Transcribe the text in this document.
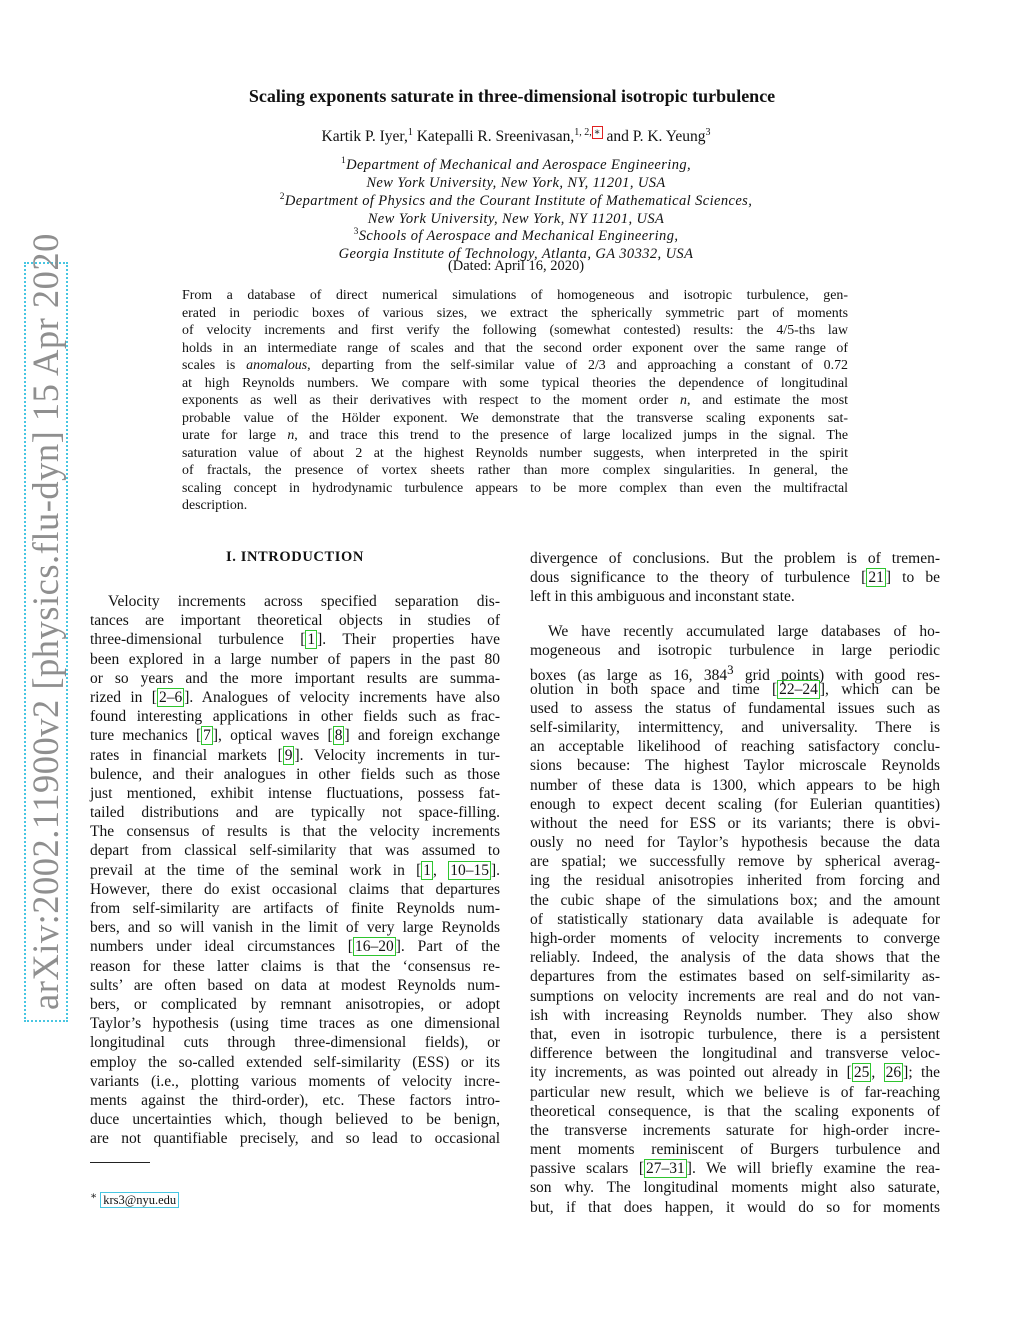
arXiv:2002.11900v2 [physics.flu-dyn] 15 Apr 2020
Scaling exponents saturate in three-dimensional isotropic turbulence
Kartik P. Iyer,$^1$ Katepalli R. Sreenivasan,$^{1, 2,}$ ∗ and P. K. Yeung$^3$
$^1$Department of Mechanical and Aerospace Engineering,
New York University, New York, NY, 11201, USA
$^2$Department of Physics and the Courant Institute of Mathematical Sciences,
New York University, New York, NY 11201, USA
$^3$Schools of Aerospace and Mechanical Engineering,
Georgia Institute of Technology, Atlanta, GA 30332, USA
(Dated: April 16, 2020)
From a database of direct numerical simulations of homogeneous and isotropic turbulence, gen-
erated in periodic boxes of various sizes, we extract the spherically symmetric part of moments
of velocity increments and first verify the following (somewhat contested) results: the 4/5-ths law
holds in an intermediate range of scales and that the second order exponent over the same range of
scales is anomalous, departing from the self-similar value of 2/3 and approaching a constant of 0.72
at high Reynolds numbers. We compare with some typical theories the dependence of longitudinal
exponents as well as their derivatives with respect to the moment order n, and estimate the most
probable value of the Hölder exponent. We demonstrate that the transverse scaling exponents sat-
urate for large n, and trace this trend to the presence of large localized jumps in the signal. The
saturation value of about 2 at the highest Reynolds number suggests, when interpreted in the spirit
of fractals, the presence of vortex sheets rather than more complex singularities. In general, the
scaling concept in hydrodynamic turbulence appears to be more complex than even the multifractal
description.
I. INTRODUCTION
Velocity increments across specified separation dis-
tances are important theoretical objects in studies of
three-dimensional turbulence [ 1 ]. Their properties have
been explored in a large number of papers in the past 80
or so years and the more important results are summa-
rized in [ 2–6 ]. Analogues of velocity increments have also
found interesting applications in other fields such as frac-
ture mechanics [ 7 ], optical waves [ 8 ] and foreign exchange
rates in financial markets [ 9 ]. Velocity increments in tur-
bulence, and their analogues in other fields such as those
just mentioned, exhibit intense fluctuations, possess fat-
tailed distributions and are typically not space-filling.
The consensus of results is that the velocity increments
depart from classical self-similarity that was assumed to
prevail at the time of the seminal work in [ 1 , 10–15 ].
However, there do exist occasional claims that departures
from self-similarity are artifacts of finite Reynolds num-
bers, and so will vanish in the limit of very large Reynolds
numbers under ideal circumstances [ 16–20 ]. Part of the
reason for these latter claims is that the ‘consensus re-
sults’ are often based on data at modest Reynolds num-
bers, or complicated by remnant anisotropies, or adopt
Taylor’s hypothesis (using time traces as one dimensional
longitudinal cuts through three-dimensional fields), or
employ the so-called extended self-similarity (ESS) or its
variants (i.e., plotting various moments of velocity incre-
ments against the third-order), etc. These factors intro-
duce uncertainties which, though believed to be benign,
are not quantifiable precisely, and so lead to occasional
divergence of conclusions. But the problem is of tremen-
dous significance to the theory of turbulence [ 21 ] to be
left in this ambiguous and inconstant state.
We have recently accumulated large databases of ho-
mogeneous and isotropic turbulence in large periodic
boxes (as large as 16, $384^3$ grid points) with good res-
olution in both space and time [ 22–24 ], which can be
used to assess the status of fundamental issues such as
self-similarity, intermittency, and universality. There is
an acceptable likelihood of reaching satisfactory conclu-
sions because: The highest Taylor microscale Reynolds
number of these data is 1300, which appears to be high
enough to expect decent scaling (for Eulerian quantities)
without the need for ESS or its variants; there is obvi-
ously no need for Taylor’s hypothesis because the data
are spatial; we successfully remove by spherical averag-
ing the residual anisotropies inherited from forcing and
the cubic shape of the simulations box; and the amount
of statistically stationary data available is adequate for
high-order moments of velocity increments to converge
reliably. Indeed, the analysis of the data shows that the
departures from the estimates based on self-similarity as-
sumptions on velocity increments are real and do not van-
ish with increasing Reynolds number. They also show
that, even in isotropic turbulence, there is a persistent
difference between the longitudinal and transverse veloc-
ity increments, as was pointed out already in [ 25 , 26 ]; the
particular new result, which we believe is of far-reaching
theoretical consequence, is that the scaling exponents of
the transverse increments saturate for high-order incre-
ment moments reminiscent of Burgers turbulence and
passive scalars [ 27–31 ]. We will briefly examine the rea-
son why. The longitudinal moments might also saturate,
but, if that does happen, it would do so for moments
∗ krs3@nyu.edu
